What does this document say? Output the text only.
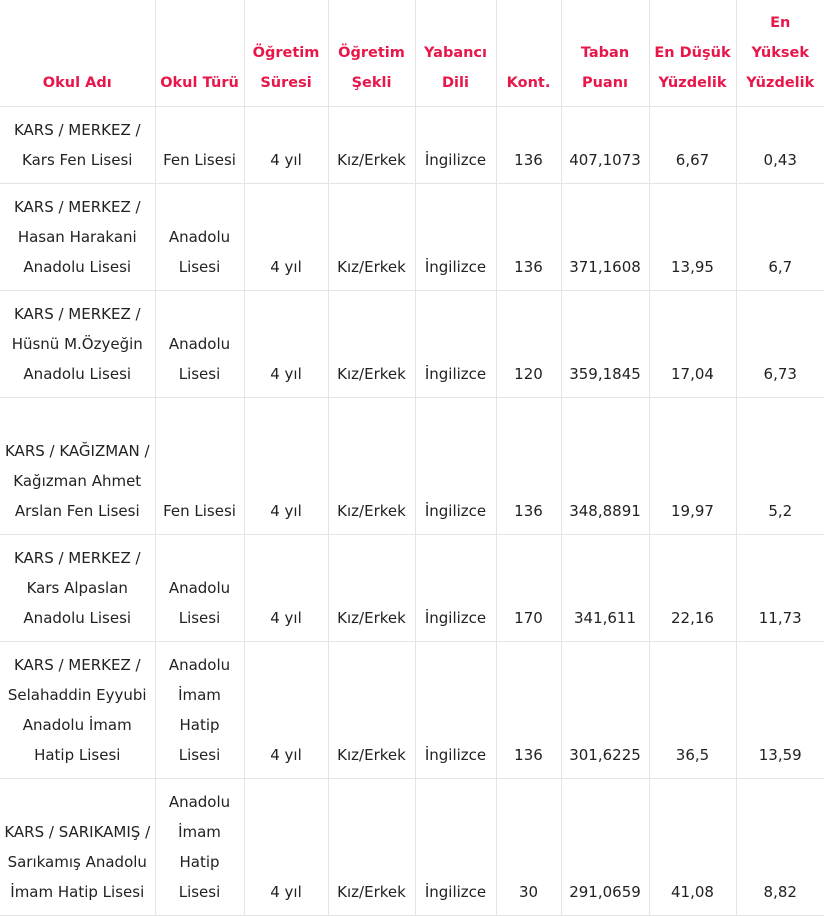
Okul Adı	Okul Türü	Öğretim Süresi	Öğretim Şekli	Yabancı Dili	Kont.	Taban Puanı	En Düşük Yüzdelik	En Yüksek Yüzdelik
KARS / MERKEZ / Kars Fen Lisesi	Fen Lisesi	4 yıl	Kız/Erkek	İngilizce	136	407,1073	6,67	0,43
KARS / MERKEZ / Hasan Harakani Anadolu Lisesi	Anadolu Lisesi	4 yıl	Kız/Erkek	İngilizce	136	371,1608	13,95	6,7
KARS / MERKEZ / Hüsnü M.Özyeğin Anadolu Lisesi	Anadolu Lisesi	4 yıl	Kız/Erkek	İngilizce	120	359,1845	17,04	6,73
KARS / KAĞIZMAN / Kağızman Ahmet Arslan Fen Lisesi	Fen Lisesi	4 yıl	Kız/Erkek	İngilizce	136	348,8891	19,97	5,2
KARS / MERKEZ / Kars Alpaslan Anadolu Lisesi	Anadolu Lisesi	4 yıl	Kız/Erkek	İngilizce	170	341,611	22,16	11,73
KARS / MERKEZ / Selahaddin Eyyubi Anadolu İmam Hatip Lisesi	Anadolu İmam Hatip Lisesi	4 yıl	Kız/Erkek	İngilizce	136	301,6225	36,5	13,59
KARS / SARIKAMIŞ / Sarıkamış Anadolu İmam Hatip Lisesi	Anadolu İmam Hatip Lisesi	4 yıl	Kız/Erkek	İngilizce	30	291,0659	41,08	8,82
